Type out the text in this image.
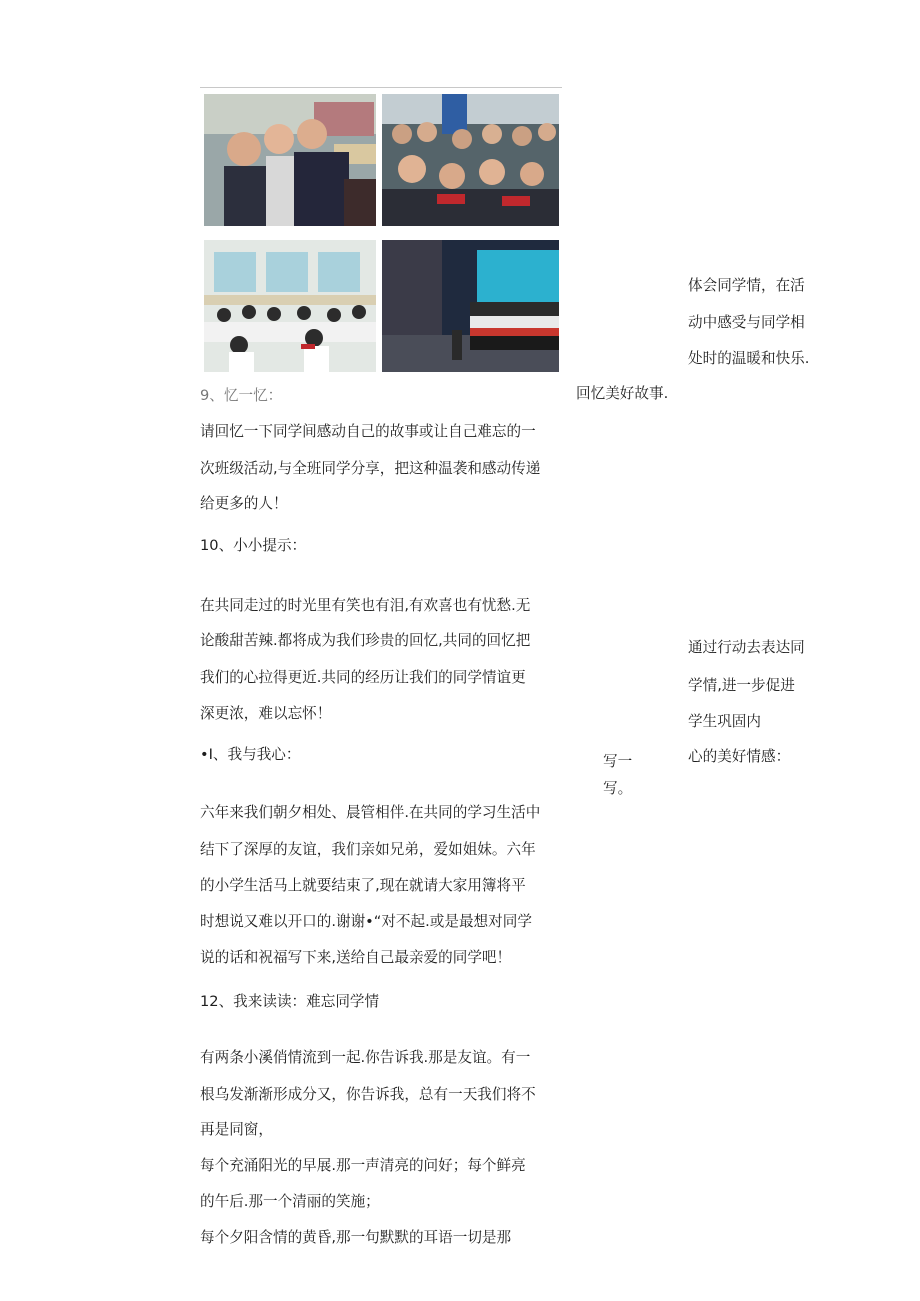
9、忆一忆：

请回忆一下同学间感动自己的故事或让自己难忘的一

次班级活动,与全班同学分享，把这种温袭和感动传递

给更多的人！

10、小小提示：

在共同走过的时光里有笑也有泪,有欢喜也有忧愁.无

论酸甜苦辣.都将成为我们珍贵的回忆,共同的回忆把

我们的心拉得更近.共同的经历让我们的同学情谊更

深更浓，难以忘怀！

•I、我与我心：

六年来我们朝夕相处、晨管相伴.在共同的学习生活中

结下了深厚的友谊，我们亲如兄弟，爱如姐妹。六年

的小学生活马上就要结束了,现在就请大家用簿将平

时想说又难以开口的.谢谢•“对不起.或是最想对同学

说的话和祝福写下来,送给自己最亲爱的同学吧！

12、我来读读：难忘同学情

有两条小溪俏情流到一起.你告诉我.那是友谊。有一

根乌发渐渐形成分又，你告诉我，总有一天我们将不

再是同窗，

每个充涌阳光的早展.那一声清亮的问好；每个鲜亮

的午后.那一个清丽的笑施；

每个夕阳含情的黄昏,那一句默默的耳语一切是那

回忆美好故事.

写一

写。

体会同学情，在活

动中感受与同学相

处时的温暖和快乐.

通过行动去表达同

学情,进一步促进

学生巩固内

心的美好情感：
